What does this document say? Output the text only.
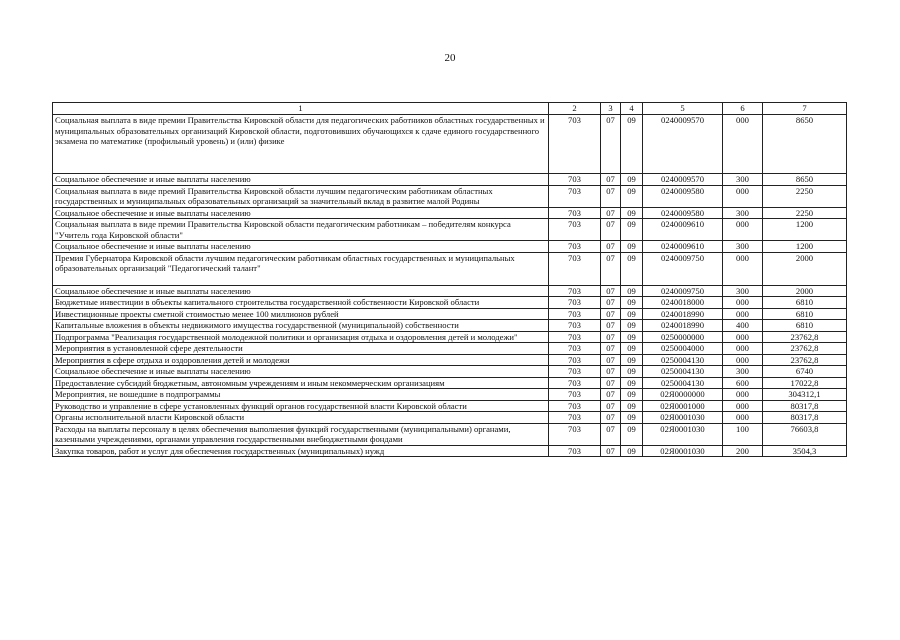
20
1	2	3	4	5	6	7
Социальная выплата в виде премии Правительства Кировской области для педагогических работников областных государственных и муниципальных образовательных организаций Кировской области, подготовивших обучающихся к сдаче единого государственного экзамена по математике (профильный уровень) и (или) физике	703	07	09	0240009570	000	8650
Социальное обеспечение и иные выплаты населению	703	07	09	0240009570	300	8650
Социальная выплата в виде премий Правительства Кировской области лучшим педагогическим работникам областных государственных и муниципальных образовательных организаций за значительный вклад в развитие малой Родины	703	07	09	0240009580	000	2250
Социальное обеспечение и иные выплаты населению	703	07	09	0240009580	300	2250
Социальная выплата в виде премии Правительства Кировской области педагогическим работникам – победителям конкурса "Учитель года Кировской области"	703	07	09	0240009610	000	1200
Социальное обеспечение и иные выплаты населению	703	07	09	0240009610	300	1200
Премия Губернатора Кировской области лучшим педагогическим работникам областных государственных и муниципальных образовательных организаций "Педагогический талант"	703	07	09	0240009750	000	2000
Социальное обеспечение и иные выплаты населению	703	07	09	0240009750	300	2000
Бюджетные инвестиции в объекты капитального строительства государственной собственности Кировской области	703	07	09	0240018000	000	6810
Инвестиционные проекты сметной стоимостью менее 100 миллионов рублей	703	07	09	0240018990	000	6810
Капитальные вложения в объекты недвижимого имущества государственной (муниципальной) собственности	703	07	09	0240018990	400	6810
Подпрограмма "Реализация государственной молодежной политики и организация отдыха и оздоровления детей и молодежи"	703	07	09	0250000000	000	23762,8
Мероприятия в установленной сфере деятельности	703	07	09	0250004000	000	23762,8
Мероприятия в сфере отдыха и оздоровления детей и молодежи	703	07	09	0250004130	000	23762,8
Социальное обеспечение и иные выплаты населению	703	07	09	0250004130	300	6740
Предоставление субсидий бюджетным, автономным учреждениям и иным некоммерческим организациям	703	07	09	0250004130	600	17022,8
Мероприятия, не вошедшие в подпрограммы	703	07	09	02Я0000000	000	304312,1
Руководство и управление в сфере установленных функций органов государственной власти Кировской области	703	07	09	02Я0001000	000	80317,8
Органы исполнительной власти Кировской области	703	07	09	02Я0001030	000	80317,8
Расходы на выплаты персоналу в целях обеспечения выполнения функций государственными (муниципальными) органами, казенными учреждениями, органами управления государственными внебюджетными фондами	703	07	09	02Я0001030	100	76603,8
Закупка товаров, работ и услуг для обеспечения государственных (муниципальных) нужд	703	07	09	02Я0001030	200	3504,3
